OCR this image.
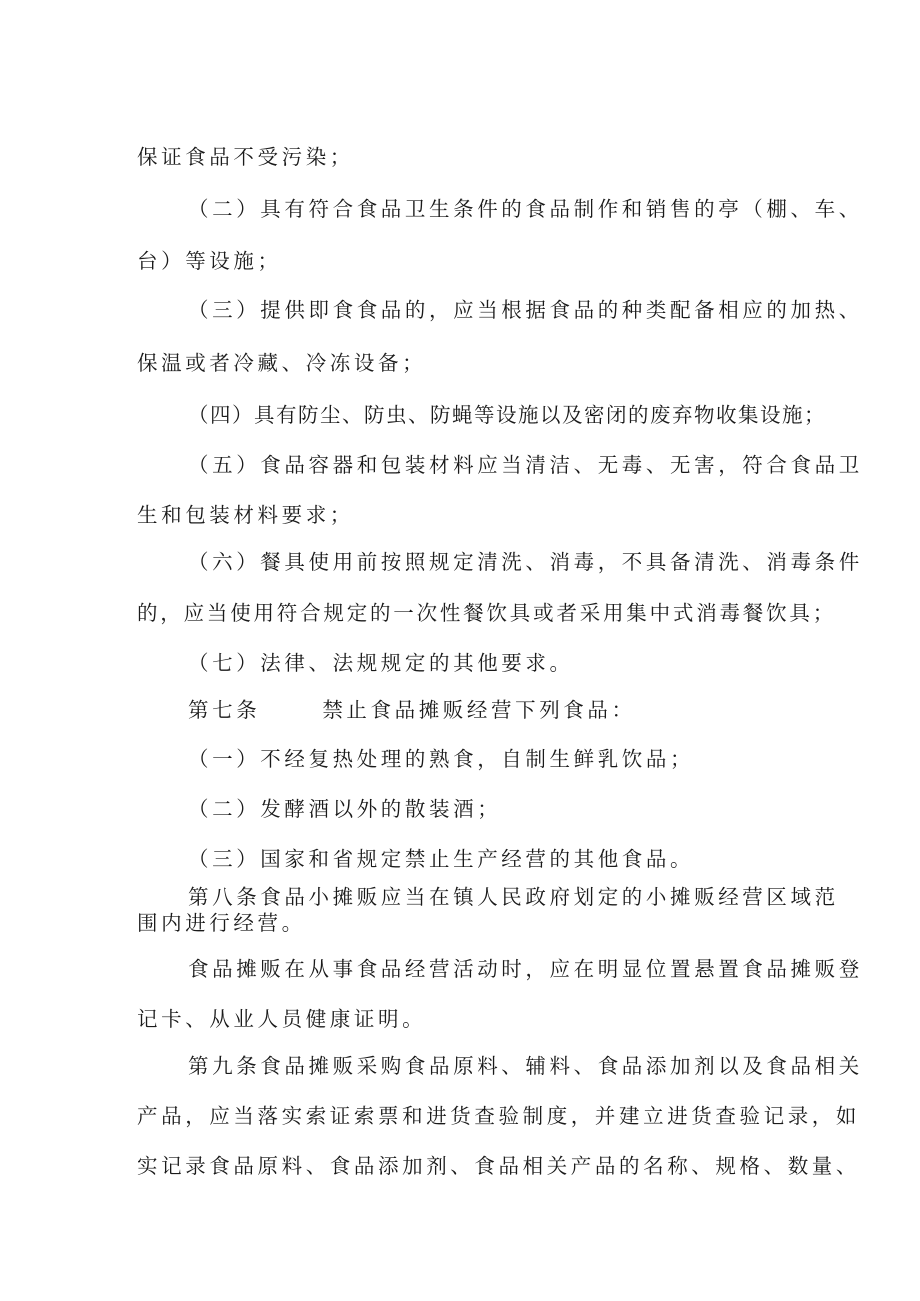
保证食品不受污染；
（二）具有符合食品卫生条件的食品制作和销售的亭（棚、车、
台）等设施；
（三）提供即食食品的，应当根据食品的种类配备相应的加热、
保温或者冷藏、冷冻设备；
（四）具有防尘、防虫、防蝇等设施以及密闭的废弃物收集设施；
（五）食品容器和包装材料应当清洁、无毒、无害，符合食品卫
生和包装材料要求；
（六）餐具使用前按照规定清洗、消毒，不具备清洗、消毒条件
的，应当使用符合规定的一次性餐饮具或者采用集中式消毒餐饮具；
（七）法律、法规规定的其他要求。
第七条	禁止食品摊贩经营下列食品：
（一）不经复热处理的熟食，自制生鲜乳饮品；
（二）发酵酒以外的散装酒；
（三）国家和省规定禁止生产经营的其他食品。
第八条食品小摊贩应当在镇人民政府划定的小摊贩经营区域范
围内进行经营。
食品摊贩在从事食品经营活动时，应在明显位置悬置食品摊贩登
记卡、从业人员健康证明。
第九条食品摊贩采购食品原料、辅料、食品添加剂以及食品相关
产品，应当落实索证索票和进货查验制度，并建立进货查验记录，如
实记录食品原料、食品添加剂、食品相关产品的名称、规格、数量、
